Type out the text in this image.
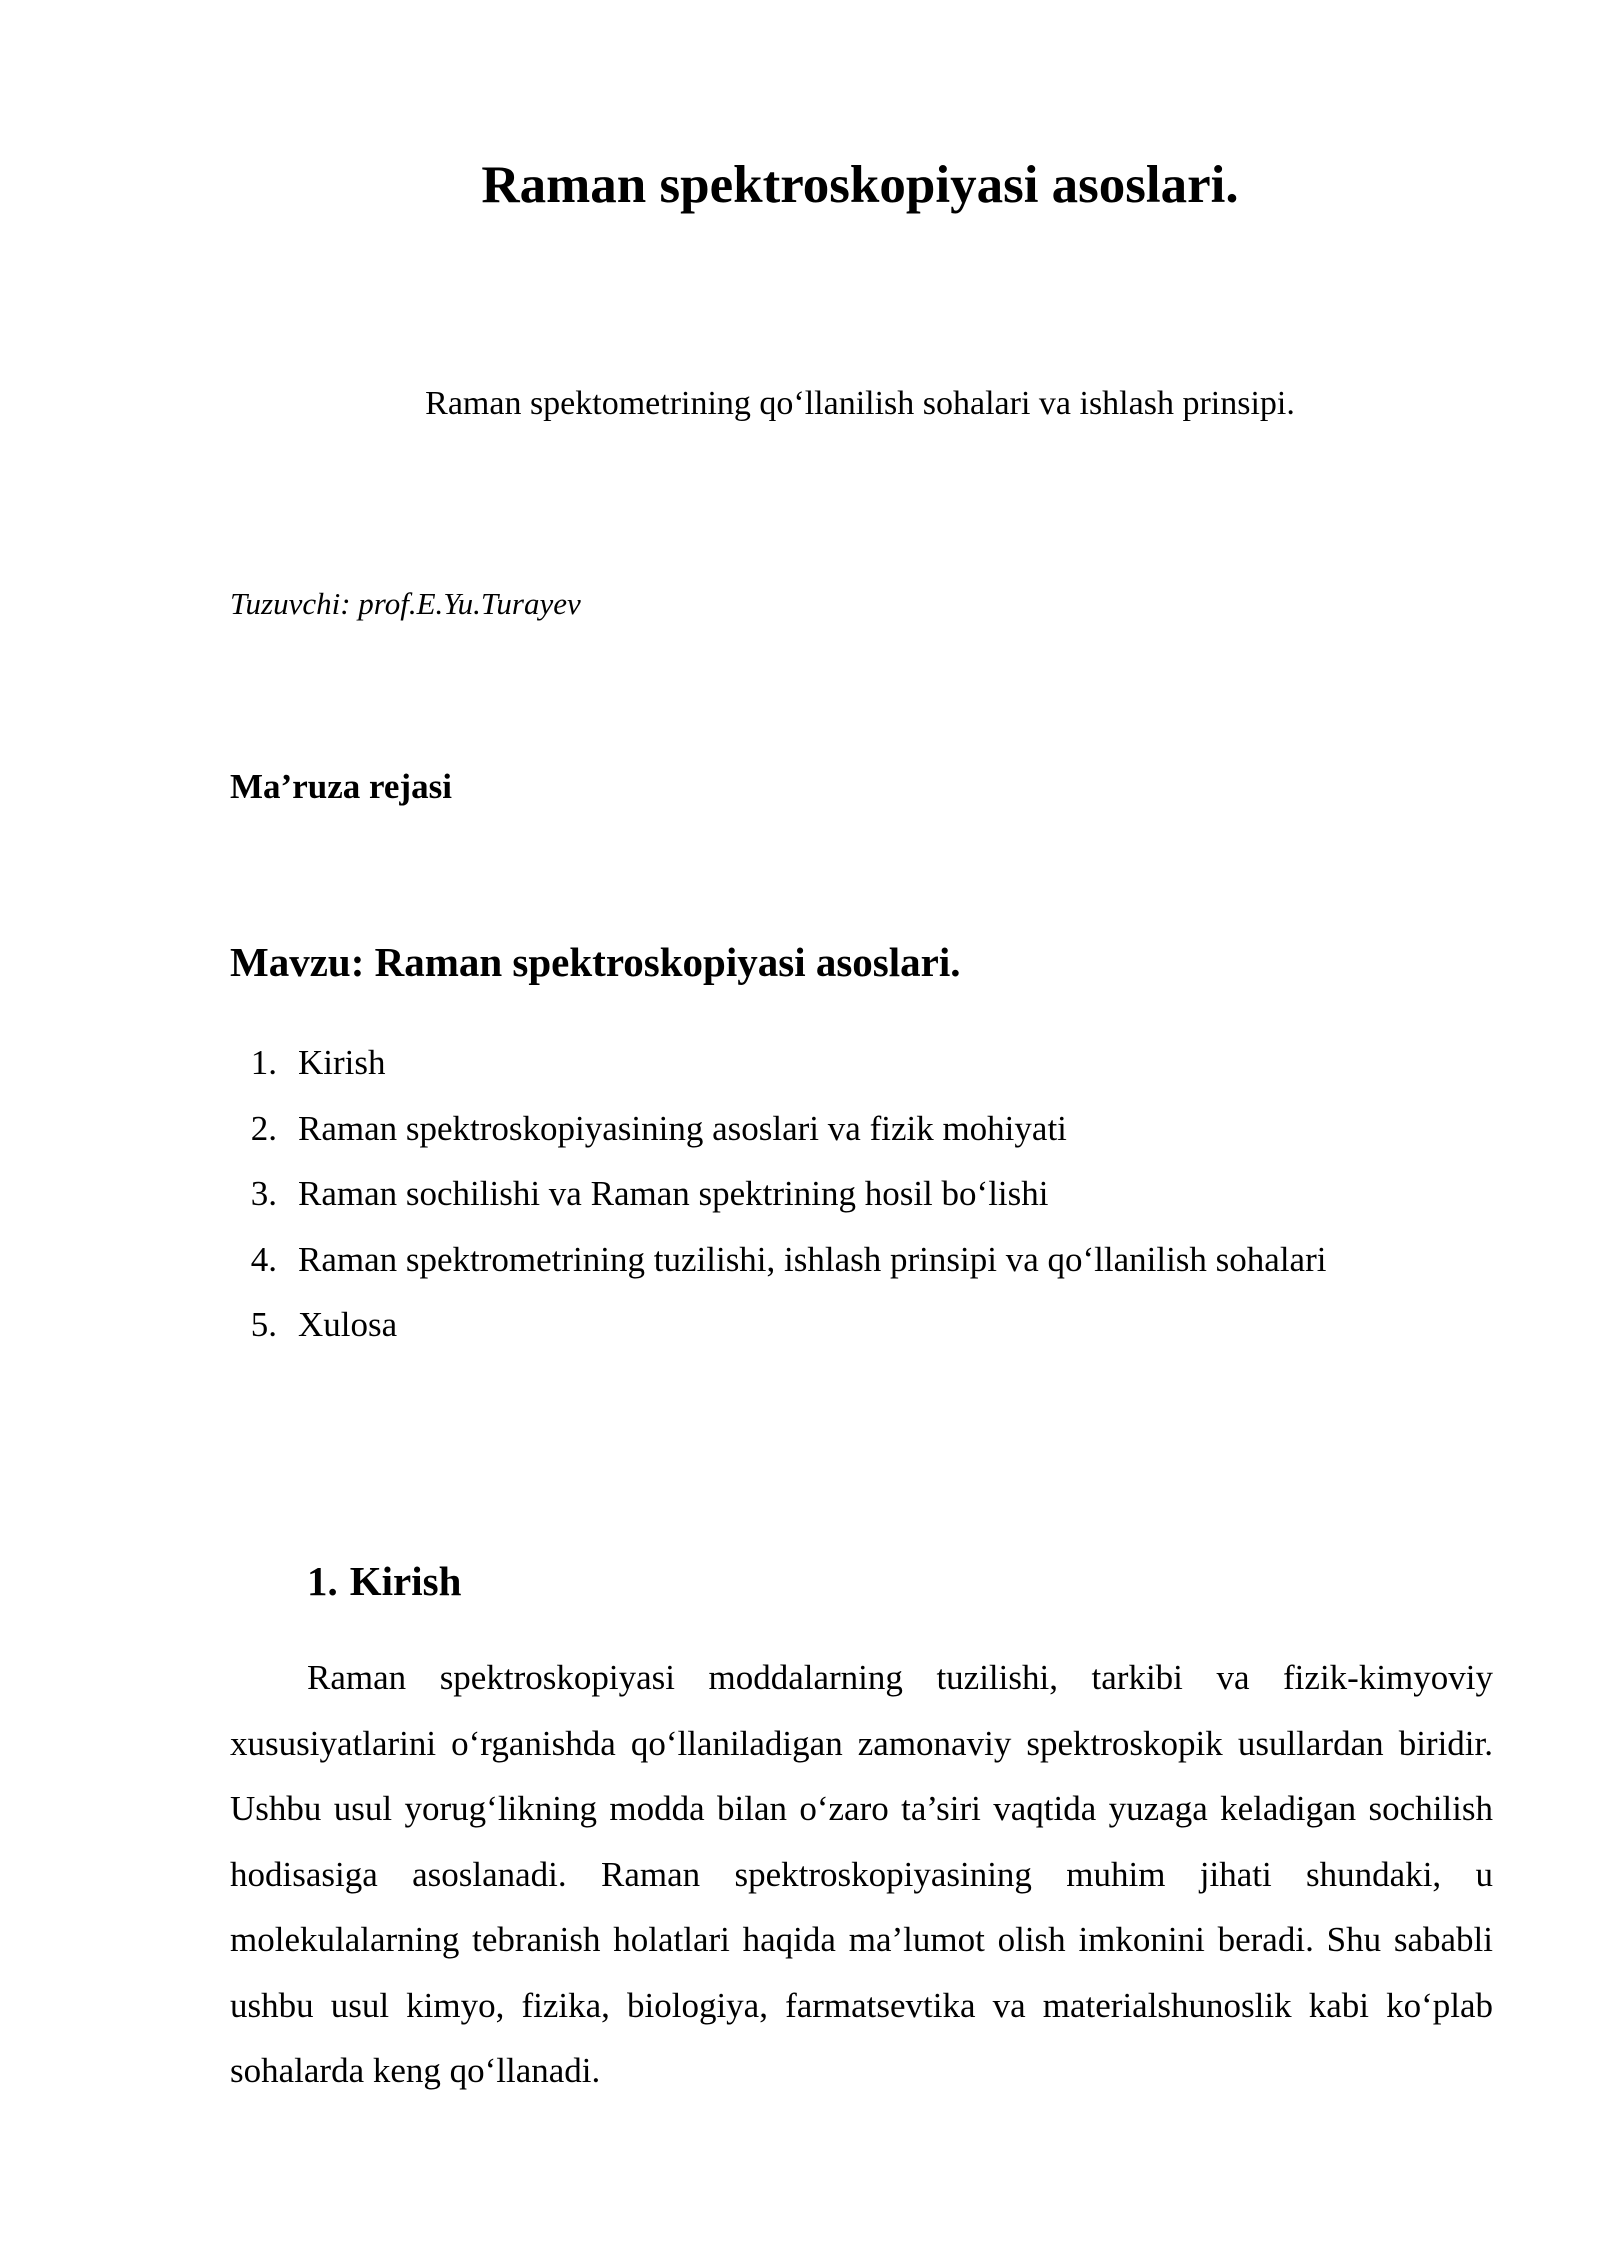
Raman spektroskopiyasi asoslari.

Raman spektometrining qo‘llanilish sohalari va ishlash prinsipi.

Tuzuvchi: prof.E.Yu.Turayev

Ma’ruza rejasi

Mavzu: Raman spektroskopiyasi asoslari.
1. Kirish
2. Raman spektroskopiyasining asoslari va fizik mohiyati
3. Raman sochilishi va Raman spektrining hosil bo‘lishi
4. Raman spektrometrining tuzilishi, ishlash prinsipi va qo‘llanilish sohalari
5. Xulosa
1. Kirish

Raman spektroskopiyasi moddalarning tuzilishi, tarkibi va fizik-kimyoviy xususiyatlarini o‘rganishda qo‘llaniladigan zamonaviy spektroskopik usullardan biridir. Ushbu usul yorug‘likning modda bilan o‘zaro ta’siri vaqtida yuzaga keladigan sochilish hodisasiga asoslanadi. Raman spektroskopiyasining muhim jihati shundaki, u molekulalarning tebranish holatlari haqida ma’lumot olish imkonini beradi. Shu sababli ushbu usul kimyo, fizika, biologiya, farmatsevtika va materialshunoslik kabi ko‘plab sohalarda keng qo‘llanadi.
